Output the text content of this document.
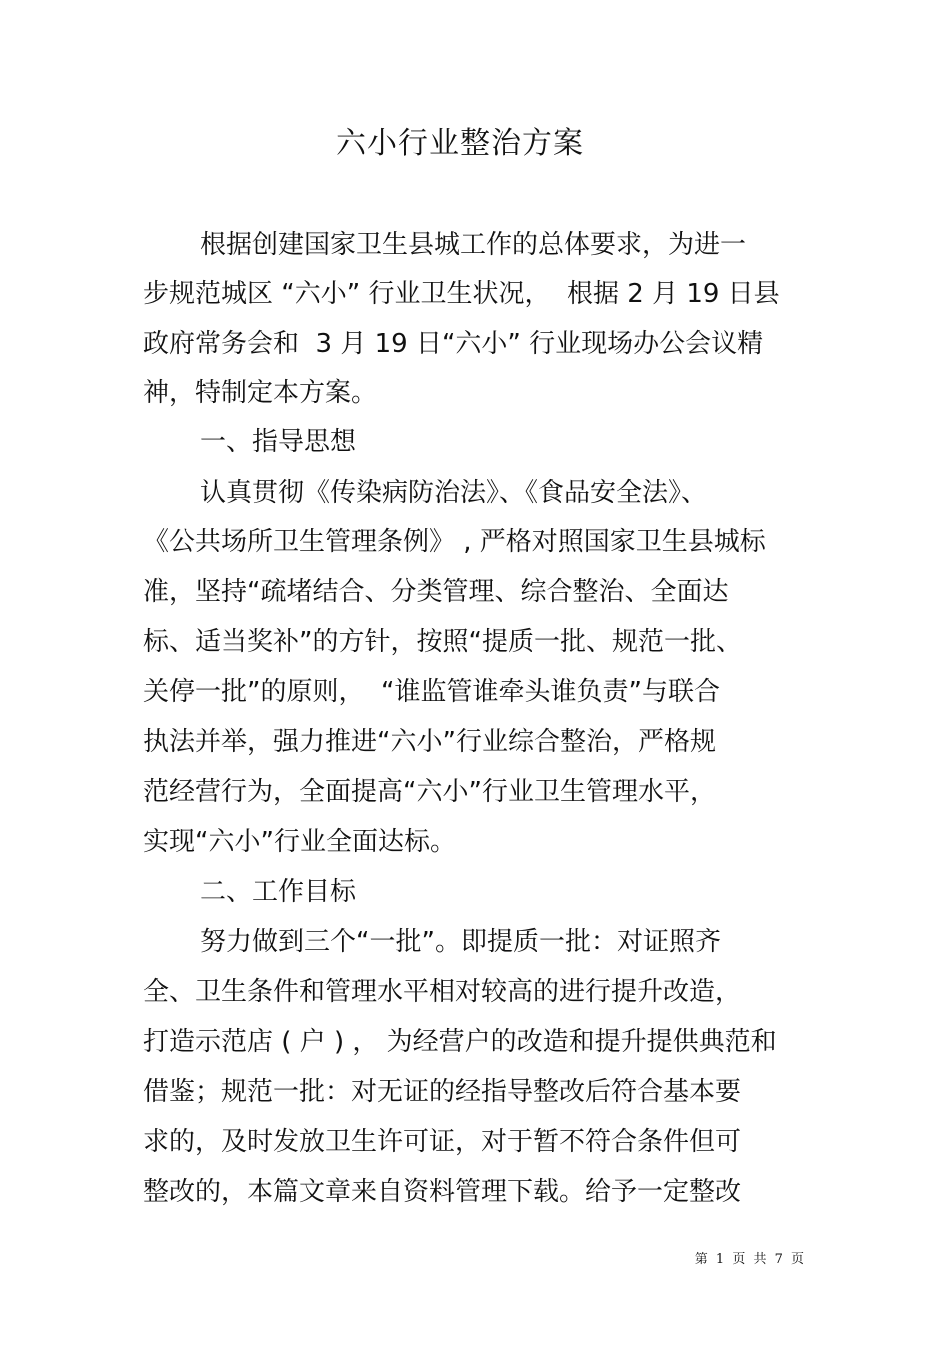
六小行业整治方案

根据创建国家卫生县城工作的总体要求，为进一

步规范城区 “六小” 行业卫生状况，  根据 2 月 19 日县

政府常务会和  3 月 19 日“六小” 行业现场办公会议精

神，特制定本方案。

一、指导思想

认真贯彻《传染病防治法》、《食品安全法》、

《公共场所卫生管理条例》 , 严格对照国家卫生县城标

准，坚持“疏堵结合、分类管理、综合整治、全面达

标、适当奖补”的方针，按照“提质一批、规范一批、

关停一批”的原则，  “谁监管谁牵头谁负责”与联合

执法并举，强力推进“六小”行业综合整治，严格规

范经营行为，全面提高“六小”行业卫生管理水平，

实现“六小”行业全面达标。

二、工作目标

努力做到三个“一批”。即提质一批：对证照齐

全、卫生条件和管理水平相对较高的进行提升改造，

打造示范店 ( 户 ) ， 为经营户的改造和提升提供典范和

借鉴；规范一批：对无证的经指导整改后符合基本要

求的，及时发放卫生许可证，对于暂不符合条件但可

整改的，本篇文章来自资料管理下载。给予一定整改

第 1 页 共 7 页
